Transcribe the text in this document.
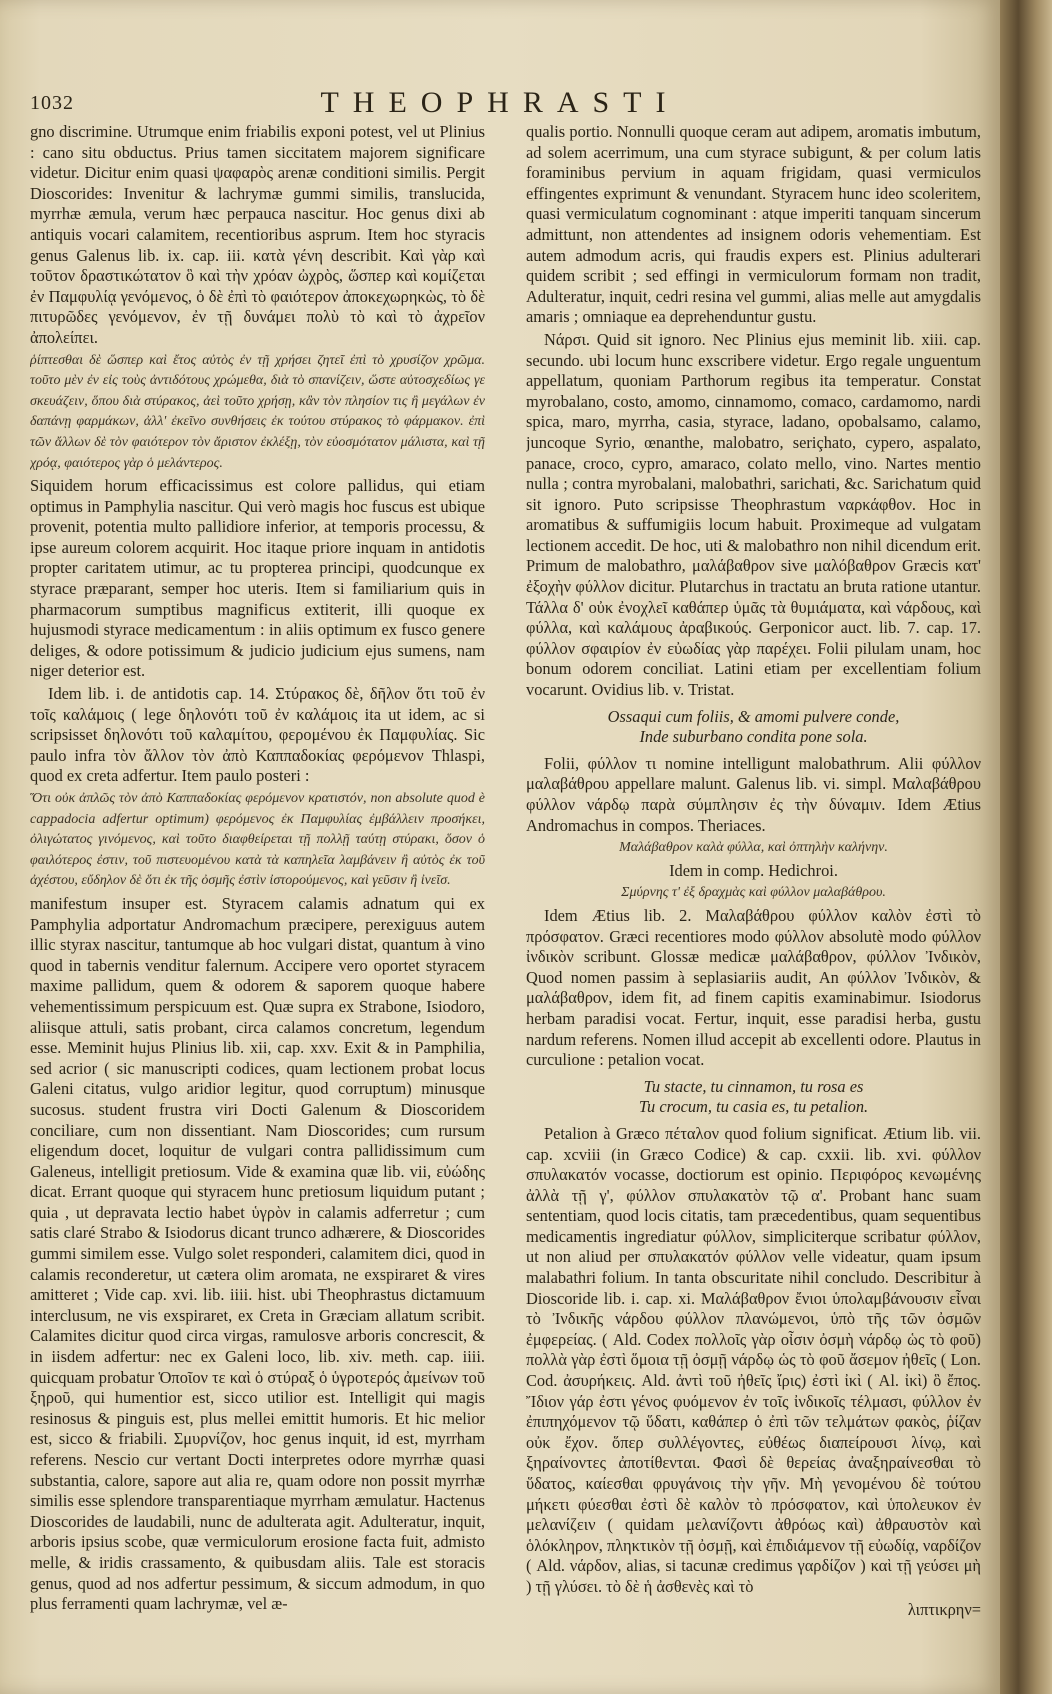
1032	THEOPHRASTI

gno discrimine. Utrumque enim friabilis exponi potest, vel ut Plinius : cano situ obductus. Prius tamen siccitatem majorem significare videtur. Dicitur enim quasi ψαφαρὸς arenæ conditioni similis. Pergit Dioscorides: Invenitur & lachrymæ gummi similis, translucida, myrrhæ æmula, verum hæc perpauca nascitur. Hoc genus dixi ab antiquis vocari calamitem, recentioribus asprum. Item hoc styracis genus Galenus lib. ix. cap. iii. κατὰ γένη describit. Καὶ γὰρ καὶ τοῦτον δραστικώτατον ὃ καὶ τὴν χρόαν ὠχρὸς, ὥσπερ καὶ κομίζεται ἐν Παμφυλίᾳ γενόμενος, ὁ δὲ ἐπὶ τὸ φαιότερον ἀποκεχωρηκὼς, τὸ δὲ πιτυρῶδες γενόμενον, ἐν τῇ δυνάμει πολὺ τὸ καὶ τὸ ἀχρεῖον ἀπολείπει.

ῥίπτεσθαι δὲ ὥσπερ καὶ ἔτος αὐτὸς ἐν τῇ χρήσει ζητεῖ ἐπὶ τὸ χρυσίζον χρῶμα. τοῦτο μὲν ἐν εἰς τοὺς ἀντιδότους χρώμεθα, διὰ τὸ σπανίζειν, ὥστε αὐτοσχεδίως γε σκευάζειν, ὅπου διὰ στύρακος, ἀεὶ τοῦτο χρήσῃ, κἂν τὸν πλησίον τις ἢ μεγάλων ἐν δαπάνῃ φαρμάκων, ἀλλ' ἐκεῖνο συνθήσεις ἐκ τούτου στύρακος τὸ φάρμακον. ἐπὶ τῶν ἄλλων δὲ τὸν φαιότερον τὸν ἄριστον ἐκλέξῃ, τὸν εὐοσμότατον μάλιστα, καὶ τῇ χρόᾳ, φαιότερος γὰρ ὁ μελάντερος.

Siquidem horum efficacissimus est colore pallidus, qui etiam optimus in Pamphylia nascitur. Qui verò magis hoc fuscus est ubique provenit, potentia multo pallidiore inferior, at temporis processu, & ipse aureum colorem acquirit. Hoc itaque priore inquam in antidotis propter caritatem utimur, ac tu propterea principi, quodcunque ex styrace præparant, semper hoc uteris. Item si familiarium quis in pharmacorum sumptibus magnificus extiterit, illi quoque ex hujusmodi styrace medicamentum : in aliis optimum ex fusco genere deliges, & odore potissimum & judicio judicium ejus sumens, nam niger deterior est.

Idem lib. i. de antidotis cap. 14. Στύρακος δὲ, δῆλον ὅτι τοῦ ἐν τοῖς καλάμοις ( lege δηλονότι τοῦ ἐν καλάμοις ita ut idem, ac si scripsisset δηλονότι τοῦ καλαμίτου, φερομένου ἐκ Παμφυλίας. Sic paulo infra τὸν ἄλλον τὸν ἀπὸ Καππαδοκίας φερόμενον Thlaspi, quod ex creta adfertur. Item paulo posteri :

Ὅτι οὐκ ἀπλῶς τὸν ἀπὸ Καππαδοκίας φερόμενον κρατιστόν, non absolute quod è cappadocia adfertur optimum) φερόμενος ἐκ Παμφυλίας ἐμβάλλειν προσήκει, ὀλιγώτατος γινόμενος, καὶ τοῦτο διαφθείρεται τῇ πολλῇ ταύτῃ στύρακι, ὅσον ὁ φαιλότερος ἐστιν, τοῦ πιστευομένου κατὰ τὰ καπηλεῖα λαμβάνειν ἢ αὐτὸς ἐκ τοῦ ἀχέστου, εὔδηλον δὲ ὅτι ἐκ τῆς ὀσμῆς ἐστὶν ἰστορούμενος, καὶ γεῦσιν ἢ ἰνεῖσ.

manifestum insuper est. Styracem calamis adnatum qui ex Pamphylia adportatur Andromachum præcipere, perexiguus autem illic styrax nascitur, tantumque ab hoc vulgari distat, quantum à vino quod in tabernis venditur falernum. Accipere vero oportet styracem maxime pallidum, quem & odorem & saporem quoque habere vehementissimum perspicuum est. Quæ supra ex Strabone, Isiodoro, aliisque attuli, satis probant, circa calamos concretum, legendum esse. Meminit hujus Plinius lib. xii, cap. xxv. Exit & in Pamphilia, sed acrior ( sic manuscripti codices, quam lectionem probat locus Galeni citatus, vulgo aridior legitur, quod corruptum) minusque sucosus. student frustra viri Docti Galenum & Dioscoridem conciliare, cum non dissentiant. Nam Dioscorides; cum rursum eligendum docet, loquitur de vulgari contra pallidissimum cum Galeneus, intelligit pretiosum. Vide & examina quæ lib. vii, εὐώδης dicat. Errant quoque qui styracem hunc pretiosum liquidum putant ; quia , ut depravata lectio habet ὑγρὸν in calamis adferretur ; cum satis claré Strabo & Isiodorus dicant trunco adhærere, & Dioscorides gummi similem esse. Vulgo solet responderi, calamitem dici, quod in calamis reconderetur, ut cætera olim aromata, ne exspiraret & vires amitteret ; Vide cap. xvi. lib. iiii. hist. ubi Theophrastus dictamuum interclusum, ne vis exspiraret, ex Creta in Græciam allatum scribit. Calamites dicitur quod circa virgas, ramulosve arboris concrescit, & in iisdem adfertur: nec ex Galeni loco, lib. xiv. meth. cap. iiii. quicquam probatur Ὁποῖον τε καὶ ὁ στύραξ ὁ ὑγροτερός ἀμείνων τοῦ ξηροῦ, qui humentior est, sicco utilior est. Intelligit qui magis resinosus & pinguis est, plus mellei emittit humoris. Et hic melior est, sicco & friabili. Σμυρνίζον, hoc genus inquit, id est, myrrham referens. Nescio cur vertant Docti interpretes odore myrrhæ quasi substantia, calore, sapore aut alia re, quam odore non possit myrrhæ similis esse splendore transparentiaque myrrham æmulatur. Hactenus Dioscorides de laudabili, nunc de adulterata agit. Adulteratur, inquit, arboris ipsius scobe, quæ vermiculorum erosione facta fuit, admisto melle, & iridis crassamento, & quibusdam aliis. Tale est storacis genus, quod ad nos adfertur pessimum, & siccum admodum, in quo plus ferramenti quam lachrymæ, vel æ-

qualis portio. Nonnulli quoque ceram aut adipem, aromatis imbutum, ad solem acerrimum, una cum styrace subigunt, & per colum latis foraminibus pervium in aquam frigidam, quasi vermiculos effingentes exprimunt & venundant. Styracem hunc ideo scoleritem, quasi vermiculatum cognominant : atque imperiti tanquam sincerum admittunt, non attendentes ad insignem odoris vehementiam. Est autem admodum acris, qui fraudis expers est. Plinius adulterari quidem scribit ; sed effingi in vermiculorum formam non tradit, Adulteratur, inquit, cedri resina vel gummi, alias melle aut amygdalis amaris ; omniaque ea deprehenduntur gustu.

Νάρσι. Quid sit ignoro. Nec Plinius ejus meminit lib. xiii. cap. secundo. ubi locum hunc exscribere videtur. Ergo regale unguentum appellatum, quoniam Parthorum regibus ita temperatur. Constat myrobalano, costo, amomo, cinnamomo, comaco, cardamomo, nardi spica, maro, myrrha, casia, styrace, ladano, opobalsamo, calamo, juncoque Syrio, œnanthe, malobatro, seriçhato, cypero, aspalato, panace, croco, cypro, amaraco, colato mello, vino. Nartes mentio nulla ; contra myrobalani, malobathri, sarichati, &c. Sarichatum quid sit ignoro. Puto scripsisse Theophrastum ναρκάφθον. Hoc in aromatibus & suffumigiis locum habuit. Proximeque ad vulgatam lectionem accedit. De hoc, uti & malobathro non nihil dicendum erit. Primum de malobathro, μαλάβαθρον sive μαλόβαθρον Græcis κατ' ἐξοχὴν φύλλον dicitur. Plutarchus in tractatu an bruta ratione utantur. Τάλλα δ' οὐκ ἐνοχλεῖ καθάπερ ὑμᾶς τὰ θυμιάματα, καὶ νάρδους, καὶ φύλλα, καὶ καλάμους ἀραβικούς. Gerponicor auct. lib. 7. cap. 17. φύλλον σφαιρίον ἐν εὐωδίας γὰρ παρέχει. Folii pilulam unam, hoc bonum odorem conciliat. Latini etiam per excellentiam folium vocarunt. Ovidius lib. v. Tristat.

Ossaqui cum foliis, & amomi pulvere conde,
Inde suburbano condita pone sola.

Folii, φύλλον τι nomine intelligunt malobathrum. Alii φύλλον μαλαβάθρου appellare malunt. Galenus lib. vi. simpl. Μαλαβάθρου φύλλον νάρδῳ παρὰ σύμπλησιν ἐς τὴν δύναμιν. Idem Ætius Andromachus in compos. Theriaces.

Μαλάβαθρον καλὰ φύλλα, καὶ ὀπτηλὴν καλήνην.

Idem in comp. Hedichroi.

Σμύρνης τ' ἐξ δραχμὰς καὶ φύλλον μαλαβάθρου.

Idem Ætius lib. 2. Μαλαβάθρου φύλλον καλὸν ἐστὶ τὸ πρόσφατον. Græci recentiores modo φύλλον absolutè modo φύλλον ἰνδικὸν scribunt. Glossæ medicæ μαλάβαθρον, φύλλον Ἰνδικὸν, Quod nomen passim à seplasiariis audit, An φύλλον Ἰνδικὸν, & μαλάβαθρον, idem fit, ad finem capitis examinabimur. Isiodorus herbam paradisi vocat. Fertur, inquit, esse paradisi herba, gustu nardum referens. Nomen illud accepit ab excellenti odore. Plautus in curculione : petalion vocat.

Tu stacte, tu cinnamon, tu rosa es
Tu crocum, tu casia es, tu petalion.

Petalion à Græco πέταλον quod folium significat. Ætium lib. vii. cap. xcviii (in Græco Codice) & cap. cxxii. lib. xvi. φύλλον σπυλακατόν vocasse, doctiorum est opinio. Περιφόρος κενωμένης ἀλλὰ τῇ γ', φύλλον σπυλακατὸν τῷ α'. Probant hanc suam sententiam, quod locis citatis, tam præcedentibus, quam sequentibus medicamentis ingrediatur φύλλον, simpliciterque scribatur φύλλον, ut non aliud per σπυλακατόν φύλλον velle videatur, quam ipsum malabathri folium. In tanta obscuritate nihil concludo. Describitur à Dioscoride lib. i. cap. xi. Μαλάβαθρον ἔνιοι ὑπολαμβάνουσιν εἶναι τὸ Ἰνδικῆς νάρδου φύλλον πλανώμενοι, ὑπὸ τῆς τῶν ὀσμῶν ἐμφερείας. ( Ald. Codex πολλοῖς γὰρ οἶσιν ὀσμὴ νάρδῳ ὡς τὸ φοῦ) πολλὰ γὰρ ἐστὶ ὅμοια τῇ ὀσμῇ νάρδῳ ὡς τὸ φοῦ ἄσεμον ἠθεῖς ( Lon. Cod. ἀσυρήκεις. Ald. ἀντὶ τοῦ ἠθεῖς ἴρις) ἐστὶ ἰκὶ ( Al. ἰκὶ) ὃ ἔπος. Ἴδιον γάρ ἐστι γένος φυόμενον ἐν τοῖς ἰνδικοῖς τέλμασι, φύλλον ἐν ἐπιπηχόμενον τῷ ὕδατι, καθάπερ ὁ ἐπὶ τῶν τελμάτων φακὸς, ῥίζαν οὐκ ἔχον. ὅπερ συλλέγοντες, εὐθέως διαπείρουσι λίνῳ, καὶ ξηραίνοντες ἀποτίθενται. Φασὶ δὲ θερείας ἀναξηραίνεσθαι τὸ ὕδατος, καίεσθαι φρυγάνοις τὴν γῆν. Μὴ γενομένου δὲ τούτου μήκετι φύεσθαι ἐστὶ δὲ καλὸν τὸ πρόσφατον, καὶ ὑπολευκον ἐν μελανίζειν ( quidam μελανίζοντι ἀθρόως καὶ) ἀθραυστὸν καὶ ὁλόκληρον, πληκτικὸν τῇ ὀσμῇ, καὶ ἐπιδιάμενον τῇ εὐωδίᾳ, ναρδίζον ( Ald. νάρδον, alias, si tacunæ credimus γαρδίζον ) καὶ τῇ γεύσει μὴ ) τῇ γλύσει. τὸ δὲ ἡ ἀσθενὲς καὶ τὸ

λιπτικρην=
